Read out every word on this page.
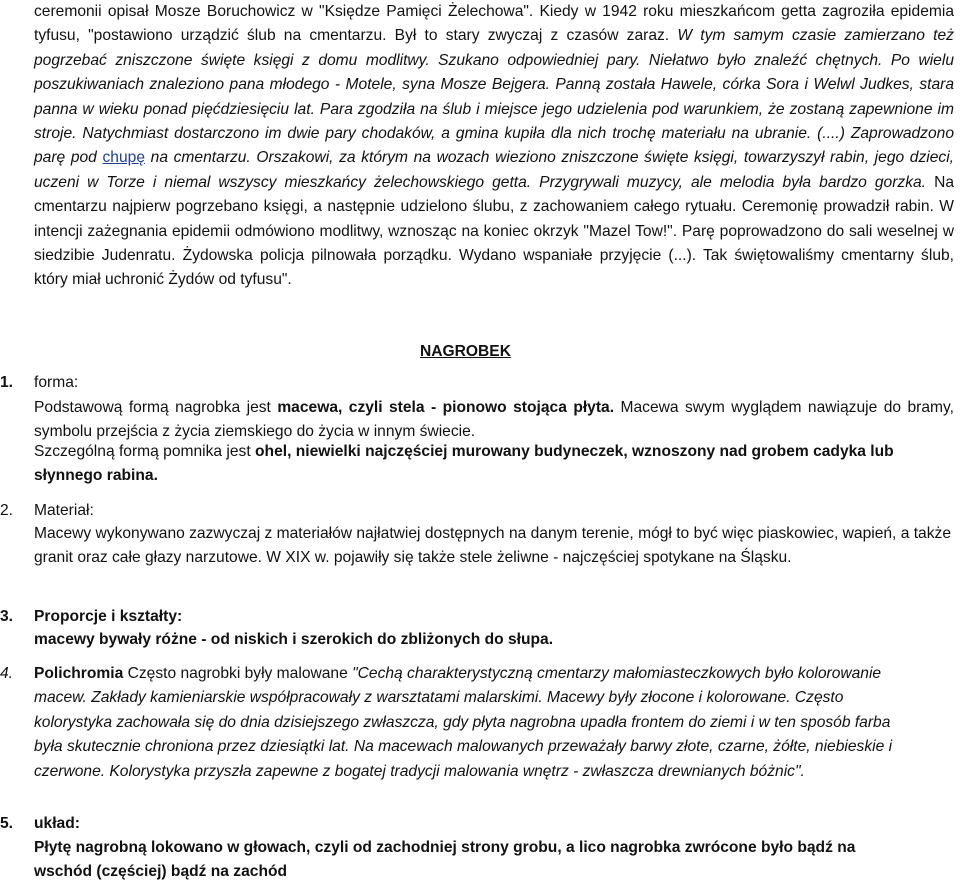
ceremonii opisał Mosze Boruchowicz w "Księdze Pamięci Żelechowa". Kiedy w 1942 roku mieszkańcom getta zagroziła epidemia tyfusu, "postawiono urządzić ślub na cmentarzu. Był to stary zwyczaj z czasów zaraz. W tym samym czasie zamierzano też pogrzebać zniszczone święte księgi z domu modlitwy. Szukano odpowiedniej pary. Niełatwo było znaleźć chętnych. Po wielu poszukiwaniach znaleziono pana młodego - Motele, syna Mosze Bejgera. Panną została Hawele, córka Sora i Welwl Judkes, stara panna w wieku ponad pięćdziesięciu lat. Para zgodziła na ślub i miejsce jego udzielenia pod warunkiem, że zostaną zapewnione im stroje. Natychmiast dostarczono im dwie pary chodaków, a gmina kupiła dla nich trochę materiału na ubranie. (....) Zaprowadzono parę pod chupę na cmentarzu. Orszakowi, za którym na wozach wieziono zniszczone święte księgi, towarzyszył rabin, jego dzieci, uczeni w Torze i niemal wszyscy mieszkańcy żelechowskiego getta. Przygrywali muzycy, ale melodia była bardzo gorzka. Na cmentarzu najpierw pogrzebano księgi, a następnie udzielono ślubu, z zachowaniem całego rytuału. Ceremonię prowadził rabin. W intencji zażegnania epidemii odmówiono modlitwy, wznosząc na koniec okrzyk "Mazel Tow!". Parę poprowadzono do sali weselnej w siedzibie Judenratu. Żydowska policja pilnowała porządku. Wydano wspaniałe przyjęcie (...). Tak świętowaliśmy cmentarny ślub, który miał uchronić Żydów od tyfusu".
NAGROBEK
1.	forma:
Podstawową formą nagrobka jest macewa, czyli stela - pionowo stojąca płyta. Macewa swym wyglądem nawiązuje do bramy, symbolu przejścia z życia ziemskiego do życia w innym świecie.
Szczególną formą pomnika jest ohel, niewielki najczęściej murowany budyneczek, wznoszony nad grobem cadyka lub słynnego rabina.
2.	Materiał:
Macewy wykonywano zazwyczaj z materiałów najłatwiej dostępnych na danym terenie, mógł to być więc piaskowiec, wapień, a także granit oraz całe głazy narzutowe. W XIX w. pojawiły się także stele żeliwne - najczęściej spotykane na Śląsku.
3.	Proporcje i kształty:
macewy bywały różne - od niskich i szerokich do zbliżonych do słupa.
4.	Polichromia Często nagrobki były malowane "Cechą charakterystyczną cmentarzy małomiasteczkowych było kolorowanie macew. Zakłady kamieniarskie współpracowały z warsztatami malarskimi. Macewy były złocone i kolorowane. Często kolorystyka zachowała się do dnia dzisiejszego zwłaszcza, gdy płyta nagrobna upadła frontem do ziemi i w ten sposób farba była skutecznie chroniona przez dziesiątki lat. Na macewach malowanych przeważały barwy złote, czarne, żółte, niebieskie i czerwone. Kolorystyka przyszła zapewne z bogatej tradycji malowania wnętrz - zwłaszcza drewnianych bóżnic".
5.	układ:
Płytę nagrobną lokowano w głowach, czyli od zachodniej strony grobu, a lico nagrobka zwrócone było bądź na wschód (częściej) bądź na zachód
